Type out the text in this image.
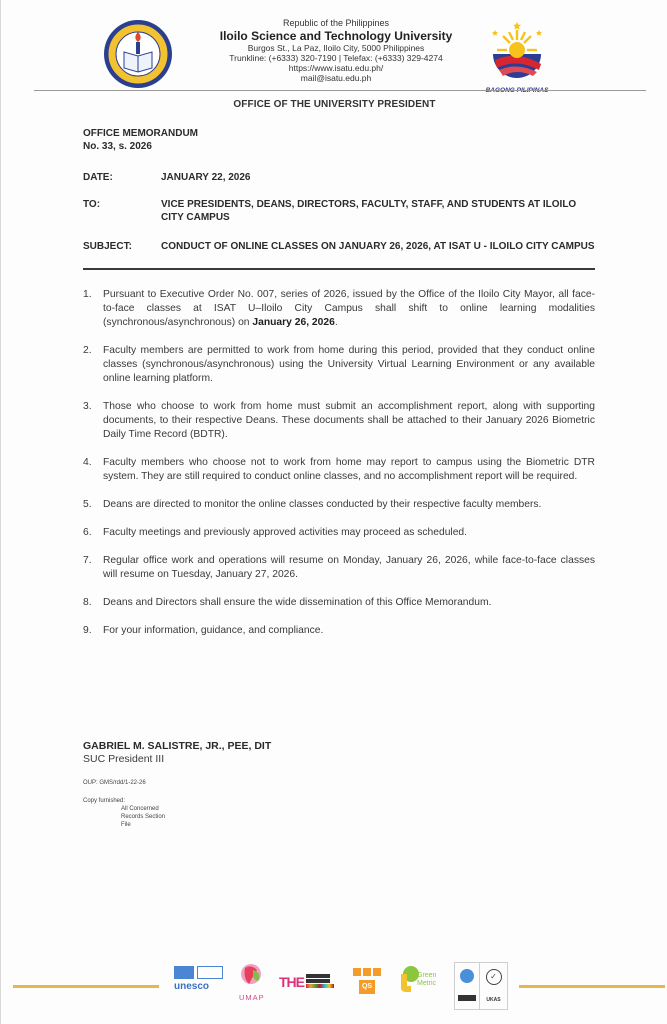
Republic of the Philippines
Iloilo Science and Technology University
Burgos St., La Paz, Iloilo City, 5000 Philippines
Trunkline: (+6333) 320-7190 | Telefax: (+6333) 329-4274
https://www.isatu.edu.ph/
mail@isatu.edu.ph
OFFICE OF THE UNIVERSITY PRESIDENT
OFFICE MEMORANDUM
No. 33, s. 2026
DATE:	JANUARY 22, 2026
TO:	VICE PRESIDENTS, DEANS, DIRECTORS, FACULTY, STAFF, AND STUDENTS AT ILOILO CITY CAMPUS
SUBJECT:	CONDUCT OF ONLINE CLASSES ON JANUARY 26, 2026, AT ISAT U - ILOILO CITY CAMPUS
1. Pursuant to Executive Order No. 007, series of 2026, issued by the Office of the Iloilo City Mayor, all face-to-face classes at ISAT U–Iloilo City Campus shall shift to online learning modalities (synchronous/asynchronous) on January 26, 2026.
2. Faculty members are permitted to work from home during this period, provided that they conduct online classes (synchronous/asynchronous) using the University Virtual Learning Environment or any available online learning platform.
3. Those who choose to work from home must submit an accomplishment report, along with supporting documents, to their respective Deans. These documents shall be attached to their January 2026 Biometric Daily Time Record (BDTR).
4. Faculty members who choose not to work from home may report to campus using the Biometric DTR system. They are still required to conduct online classes, and no accomplishment report will be required.
5. Deans are directed to monitor the online classes conducted by their respective faculty members.
6. Faculty meetings and previously approved activities may proceed as scheduled.
7. Regular office work and operations will resume on Monday, January 26, 2026, while face-to-face classes will resume on Tuesday, January 27, 2026.
8. Deans and Directors shall ensure the wide dissemination of this Office Memorandum.
9. For your information, guidance, and compliance.
GABRIEL M. SALISTRE, JR., PEE, DIT
SUC President III
OUP: GMS/rdd/1-22-26
Copy furnished:
All Concerned
Records Section
File
unesco
UMAP
THE	QS
Green
Metric
✓
UKAS
